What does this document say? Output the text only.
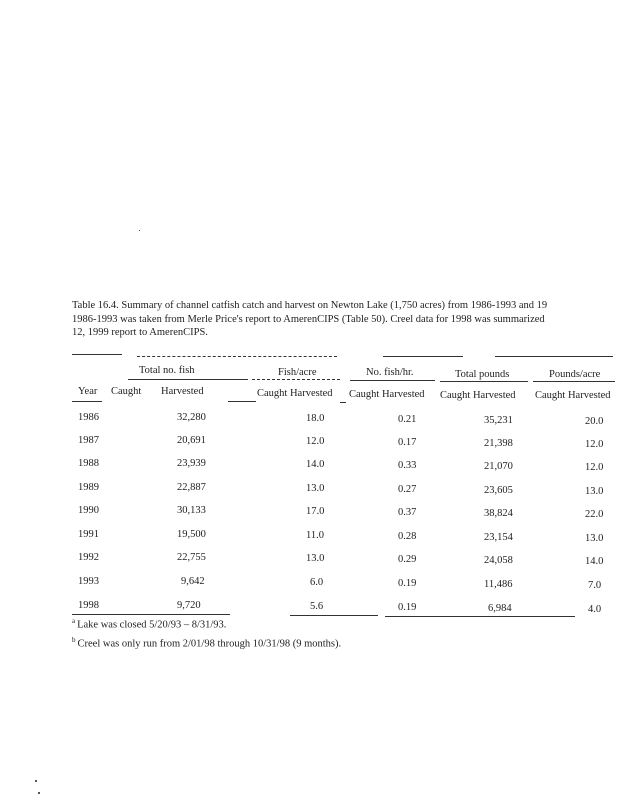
Table 16.4. Summary of channel catfish catch and harvest on Newton Lake (1,750 acres) from 1986-1993 and 19
1986-1993 was taken from Merle Price's report to AmerenCIPS (Table 50). Creel data for 1998 was summarized
12, 1999 report to AmerenCIPS.
Total no. fish	Fish/acre	No. fish/hr.	Total pounds	Pounds/acre
Year Caught Harvested	Caught Harvested Caught Harvested Caught Harvested Caught Harvested
1986	32,280	18.0	0.21	35,231	20.0
1987	20,691	12.0	0.17	21,398	12.0
1988	23,939	14.0	0.33	21,070	12.0
1989	22,887	13.0	0.27	23,605	13.0
1990	30,133	17.0	0.37	38,824	22.0
1991	19,500	11.0	0.28	23,154	13.0
1992	22,755	13.0	0.29	24,058	14.0
1993	9,642	6.0	0.19	11,486	7.0
1998	9,720	5.6	0.19	6,984	4.0
$^a$ Lake was closed 5/20/93 – 8/31/93.
$^b$ Creel was only run from 2/01/98 through 10/31/98 (9 months).
